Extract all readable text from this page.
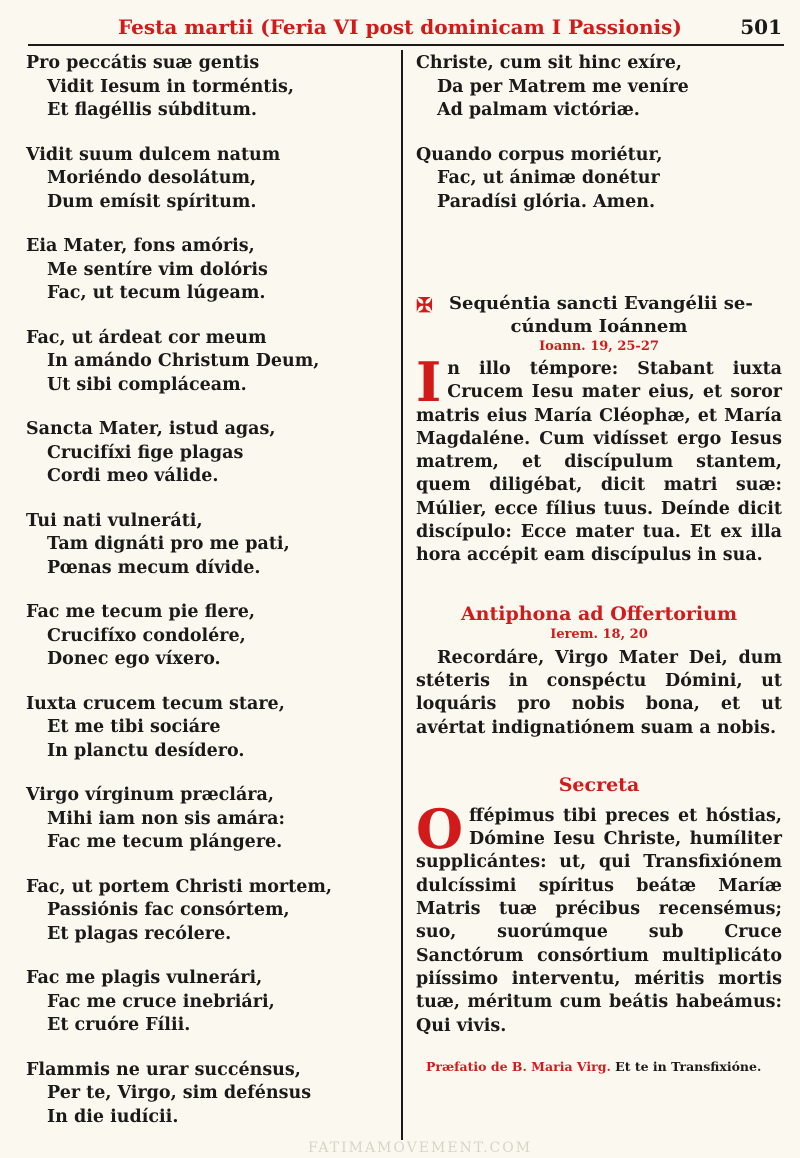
Festa martii (Feria VI post dominicam I Passionis)	501
Pro peccátis suæ gentis
Vidit Iesum in torméntis,
Et flagéllis súbditum.
Vidit suum dulcem natum
Moriéndo desolátum,
Dum emísit spíritum.
Eia Mater, fons amóris,
Me sentíre vim dolóris
Fac, ut tecum lúgeam.
Fac, ut árdeat cor meum
In amándo Christum Deum,
Ut sibi compláceam.
Sancta Mater, istud agas,
Crucifíxi fige plagas
Cordi meo válide.
Tui nati vulneráti,
Tam dignáti pro me pati,
Pœnas mecum dívide.
Fac me tecum pie flere,
Crucifíxo condolére,
Donec ego víxero.
Iuxta crucem tecum stare,
Et me tibi sociáre
In planctu desídero.
Virgo vírginum præclára,
Mihi iam non sis amára:
Fac me tecum plángere.
Fac, ut portem Christi mortem,
Passiónis fac consórtem,
Et plagas recólere.
Fac me plagis vulnerári,
Fac me cruce inebriári,
Et cruóre Fílii.
Flammis ne urar succénsus,
Per te, Virgo, sim defénsus
In die iudícii.
Christe, cum sit hinc exíre,
Da per Matrem me veníre
Ad palmam victóriæ.
Quando corpus moriétur,
Fac, ut ánimæ donétur
Paradísi glória. Amen.
✠ Sequéntia sancti Evangélii se-
cúndum Ioánnem
Ioann. 19, 25-27
I n illo témpore: Stabant iuxta Crucem Iesu mater eius, et soror matris eius María Cléophæ, et María Magdaléne. Cum vidísset ergo Iesus matrem, et discípulum stantem, quem diligébat, dicit matri suæ: Múlier, ecce fílius tuus. Deínde dicit discípulo: Ecce mater tua. Et ex illa hora accépit eam discípulus in sua.
Antiphona ad Offertorium
Ierem. 18, 20
Recordáre, Virgo Mater Dei, dum stéteris in conspéctu Dómini, ut loquáris pro nobis bona, et ut avértat indignatiónem suam a nobis.
Secreta
O ffépimus tibi preces et hóstias, Dómine Iesu Christe, humíliter supplicántes: ut, qui Transfixiónem dulcíssimi spíritus beátæ Maríæ Matris tuæ précibus recensémus; suo, suorúmque sub Cruce Sanctórum consórtium multiplicáto piíssimo interventu, méritis mortis tuæ, méritum cum beátis habeámus: Qui vivis.
Præfatio de B. Maria Virg. Et te in Transfixióne.
FATIMAMOVEMENT.COM
